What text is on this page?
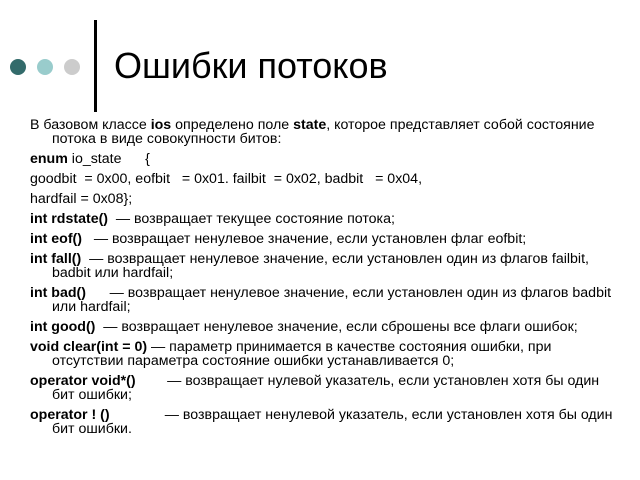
Ошибки потоков

В базовом классе ios определено поле state, которое представляет собой состояние потока в виде совокупности битов:

enum io_state      {

goodbit  = 0x00, eofbit   = 0x01. failbit  = 0x02, badbit   = 0x04,

hardfail = 0x08};

int rdstate()  — возвращает текущее состояние потока;

int eof()   — возвращает ненулевое значение, если установлен флаг eofbit;

int fall()  — возвращает ненулевое значение, если установлен один из флагов failbit, badbit или hardfail;

int bad()      — возвращает ненулевое значение, если установлен один из флагов badbit или hardfail;

int good()  — возвращает ненулевое значение, если сброшены все флаги ошибок;

void clear(int = 0) — параметр принимается в качестве состояния ошибки, при отсутствии параметра состояние ошибки устанавливается 0;

operator void*()        — возвращает нулевой указатель, если установлен хотя бы один бит ошибки;

operator ! ()              — возвращает ненулевой указатель, если установлен хотя бы один бит ошибки.
